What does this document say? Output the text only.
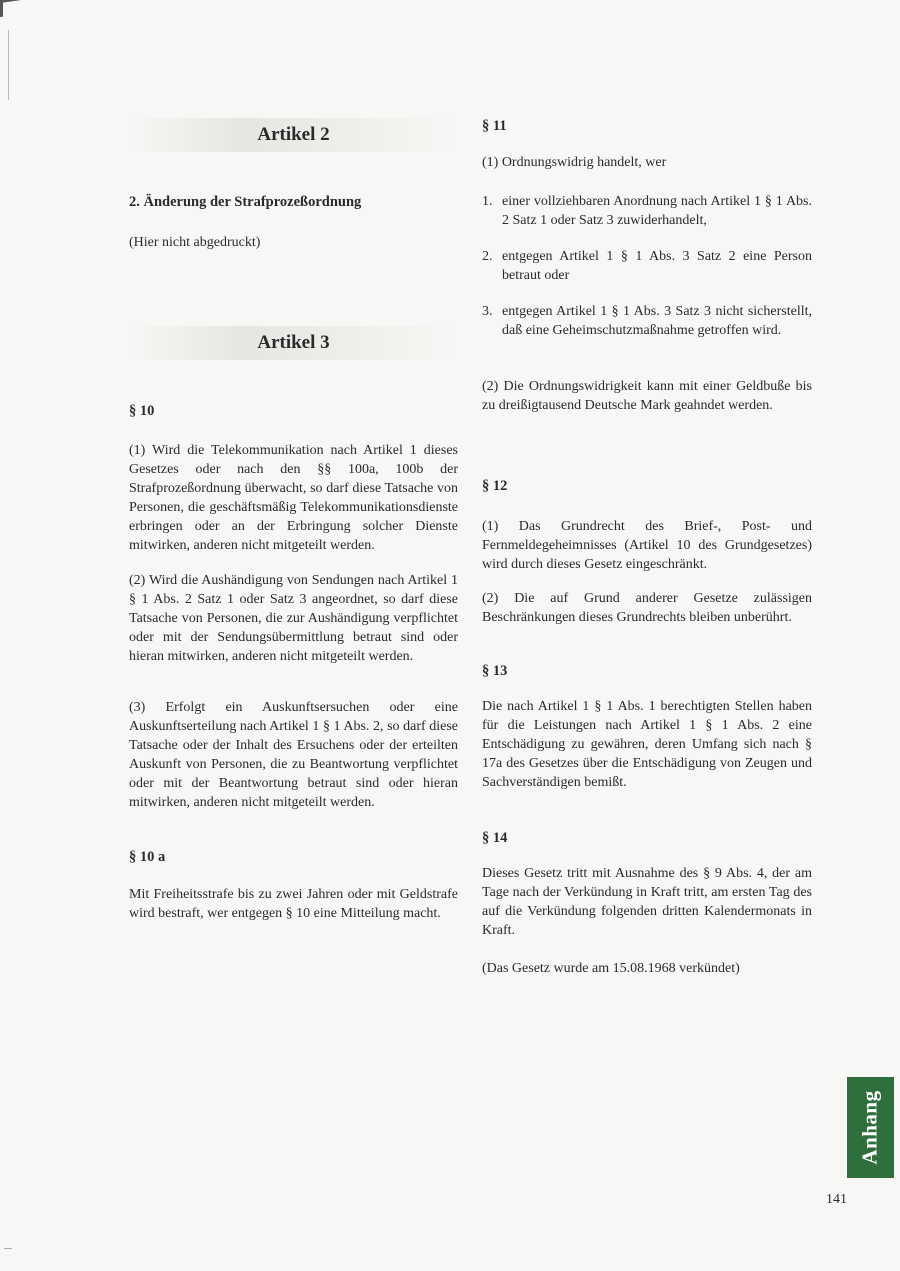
Artikel 2
2. Änderung der Strafprozeßordnung
(Hier nicht abgedruckt)
Artikel 3
§ 10
(1) Wird die Telekommunikation nach Artikel 1 dieses Gesetzes oder nach den §§ 100a, 100b der Strafprozeßordnung überwacht, so darf diese Tatsache von Personen, die geschäftsmäßig Telekommunikationsdienste erbringen oder an der Erbringung solcher Dienste mitwirken, anderen nicht mitgeteilt werden.
(2) Wird die Aushändigung von Sendungen nach Artikel 1 § 1 Abs. 2 Satz 1 oder Satz 3 angeordnet, so darf diese Tatsache von Personen, die zur Aushändigung verpflichtet oder mit der Sendungsübermittlung betraut sind oder hieran mitwirken, anderen nicht mitgeteilt werden.
(3) Erfolgt ein Auskunftsersuchen oder eine Auskunftserteilung nach Artikel 1 § 1 Abs. 2, so darf diese Tatsache oder der Inhalt des Ersuchens oder der erteilten Auskunft von Personen, die zu Beantwortung verpflichtet oder mit der Beantwortung betraut sind oder hieran mitwirken, anderen nicht mitgeteilt werden.
§ 10 a
Mit Freiheitsstrafe bis zu zwei Jahren oder mit Geldstrafe wird bestraft, wer entgegen § 10 eine Mitteilung macht.
§ 11
(1) Ordnungswidrig handelt, wer
1. einer vollziehbaren Anordnung nach Artikel 1 § 1 Abs. 2 Satz 1 oder Satz 3 zuwiderhandelt,
2. entgegen Artikel 1 § 1 Abs. 3 Satz 2 eine Person betraut oder
3. entgegen Artikel 1 § 1 Abs. 3 Satz 3 nicht sicherstellt, daß eine Geheimschutzmaßnahme getroffen wird.
(2) Die Ordnungswidrigkeit kann mit einer Geldbuße bis zu dreißigtausend Deutsche Mark geahndet werden.
§ 12
(1) Das Grundrecht des Brief-, Post- und Fernmeldegeheimnisses (Artikel 10 des Grundgesetzes) wird durch dieses Gesetz eingeschränkt.
(2) Die auf Grund anderer Gesetze zulässigen Beschränkungen dieses Grundrechts bleiben unberührt.
§ 13
Die nach Artikel 1 § 1 Abs. 1 berechtigten Stellen haben für die Leistungen nach Artikel 1 § 1 Abs. 2 eine Entschädigung zu gewähren, deren Umfang sich nach § 17a des Gesetzes über die Entschädigung von Zeugen und Sachverständigen bemißt.
§ 14
Dieses Gesetz tritt mit Ausnahme des § 9 Abs. 4, der am Tage nach der Verkündung in Kraft tritt, am ersten Tag des auf die Verkündung folgenden dritten Kalendermonats in Kraft.
(Das Gesetz wurde am 15.08.1968 verkündet)
Anhang
141
